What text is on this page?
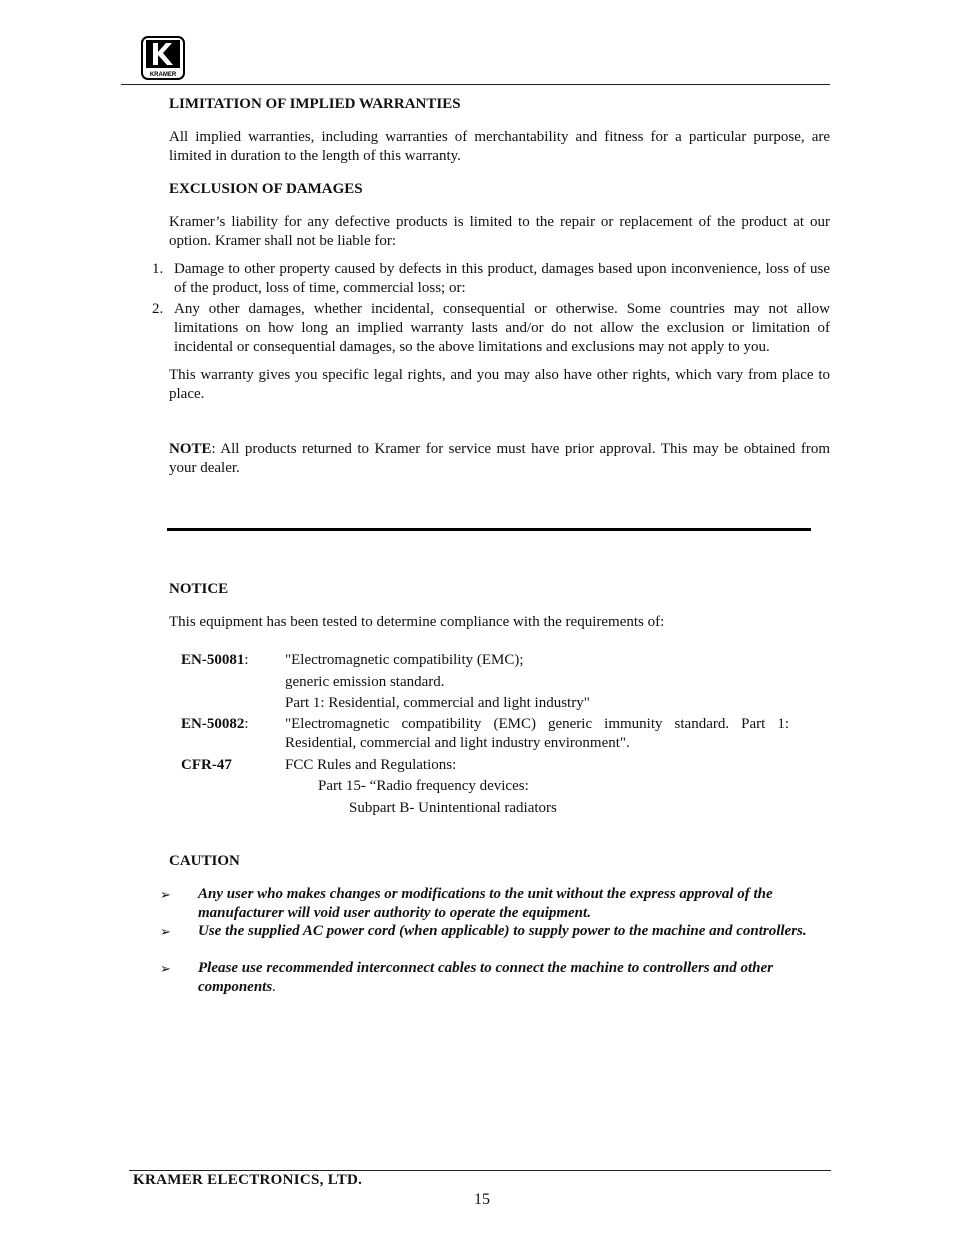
KRAMER
LIMITATION OF IMPLIED WARRANTIES
All implied warranties, including warranties of merchantability and fitness for a particular purpose, are limited in duration to the length of this warranty.
EXCLUSION OF DAMAGES
Kramer’s liability for any defective products is limited to the repair or replacement of the product at our option. Kramer shall not be liable for:
1. Damage to other property caused by defects in this product, damages based upon inconvenience, loss of use of the product, loss of time, commercial loss; or:
2. Any other damages, whether incidental, consequential or otherwise. Some countries may not allow limitations on how long an implied warranty lasts and/or do not allow the exclusion or limitation of incidental or consequential damages, so the above limitations and exclusions may not apply to you.
This warranty gives you specific legal rights, and you may also have other rights, which vary from place to place.
NOTE: All products returned to Kramer for service must have prior approval. This may be obtained from your dealer.
NOTICE
This equipment has been tested to determine compliance with the requirements of:
EN-50081: "Electromagnetic compatibility (EMC);
generic emission standard.
Part 1: Residential, commercial and light industry"
EN-50082: "Electromagnetic compatibility (EMC) generic immunity standard. Part 1: Residential, commercial and light industry environment".
CFR-47	FCC Rules and Regulations:
Part 15- “Radio frequency devices:
Subpart B- Unintentional radiators
CAUTION
➢ Any user who makes changes or modifications to the unit without the express approval of the manufacturer will void user authority to operate the equipment.
➢ Use the supplied AC power cord (when applicable) to supply power to the machine and controllers.
➢ Please use recommended interconnect cables to connect the machine to controllers and other components.
KRAMER ELECTRONICS, LTD.
15
